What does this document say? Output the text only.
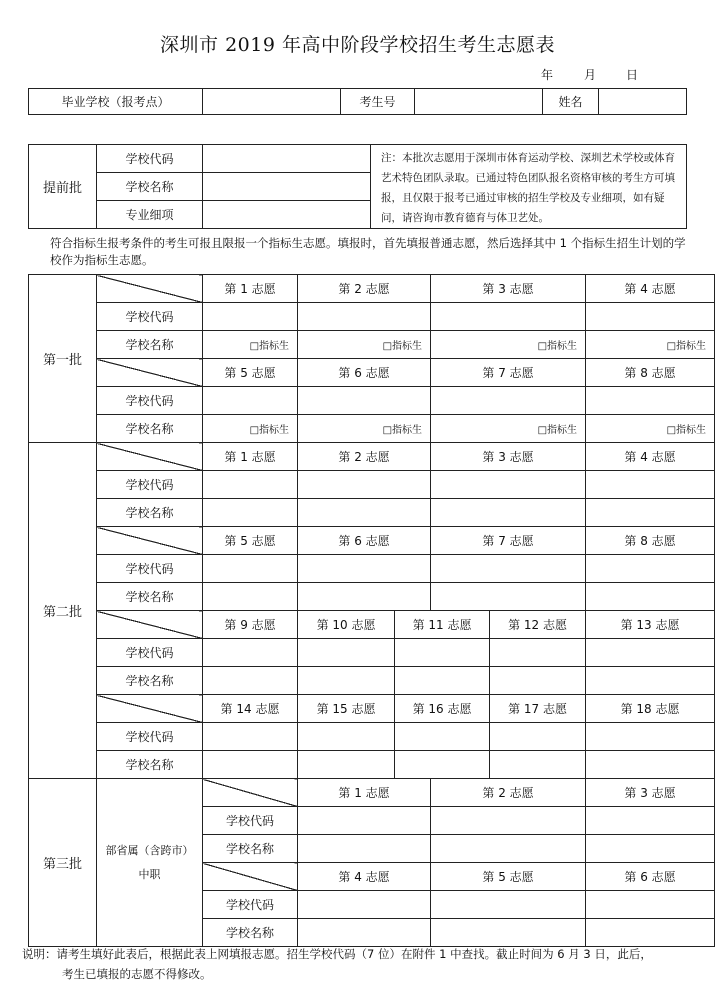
深圳市 2019 年高中阶段学校招生考生志愿表
年	月 日
毕业学校（报考点）		考生号		姓名	
提前批	学校代码		注：本批次志愿用于深圳市体育运动学校、深圳艺术学校或体育艺术特色团队录取。已通过特色团队报名资格审核的考生方可填报，且仅限于报考已通过审核的招生学校及专业细项，如有疑问，请咨询市教育德育与体卫艺处。
	学校名称		
	专业细项		
符合指标生报考条件的考生可报且限报一个指标生志愿。填报时，首先填报普通志愿，然后选择其中 1 个指标生招生计划的学校作为指标生志愿。
第一批		第 1 志愿	第 2 志愿		第 3 志愿		第 4 志愿
	学校代码						
	学校名称	□指标生	□指标生		□指标生		□指标生
		第 5 志愿	第 6 志愿		第 7 志愿		第 8 志愿
	学校代码						
	学校名称	□指标生	□指标生		□指标生		□指标生
第二批		第 1 志愿	第 2 志愿		第 3 志愿		第 4 志愿
	学校代码						
	学校名称						
		第 5 志愿	第 6 志愿		第 7 志愿		第 8 志愿
	学校代码						
	学校名称						
		第 9 志愿	第 10 志愿	第 11 志愿		第 12 志愿	第 13 志愿
	学校代码						
	学校名称						
		第 14 志愿	第 15 志愿	第 16 志愿		第 17 志愿	第 18 志愿
	学校代码						
	学校名称						
第三批	部省属（含跨市）
中职		第 1 志愿		第 2 志愿		第 3 志愿
		学校代码					
		学校名称					
			第 4 志愿		第 5 志愿		第 6 志愿
		学校代码					
		学校名称					
说明：请考生填好此表后，根据此表上网填报志愿。招生学校代码（7 位）在附件 1 中查找。截止时间为 6 月 3 日，此后，
考生已填报的志愿不得修改。
